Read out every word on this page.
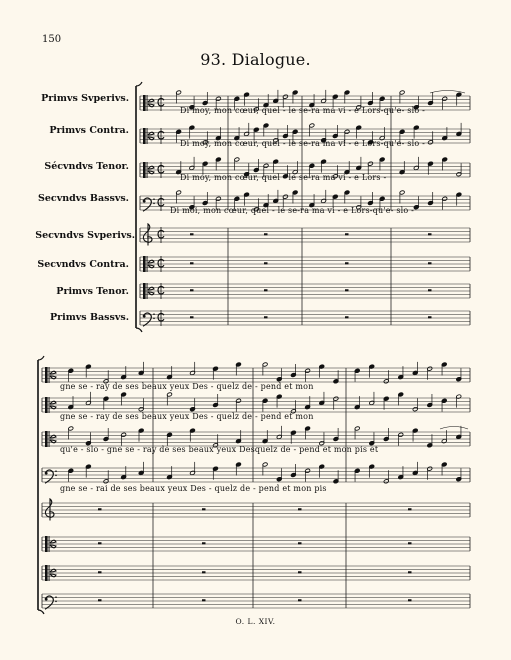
150
93. Dialogue.
Primvs Svperivs.
Primvs Contra.
Sécvndvs Tenor.
Secvndvs Bassvs.
Secvndvs Svperivs.
Secvndvs Contra.
Primvs Tenor.
Primvs Bassvs.
Di moy, mon cœur, quel - le se-ra ma vi - e Lors-qu'e- slo -
Di moy, mon cœur, quel - le se-ra ma vi - e Lors-qu'e- slo -
Di moy, mon cœur, quel - le se-ra ma vi - e Lors -
Di moi, mon cœur, quel - le se-ra ma vi - e Lors-qu'e- slo -
gne se - ray de ses beaux yeux Des - quelz de - pend et mon
gne se - ray de ses beaux yeux Des - quelz de - pend et mon
qu'e - slo - gne se - ray de ses beaux yeux Desquelz de - pend et mon pis et
gne se - rai de ses beaux yeux Des - quelz de - pend et mon pis
O. L. XIV.
